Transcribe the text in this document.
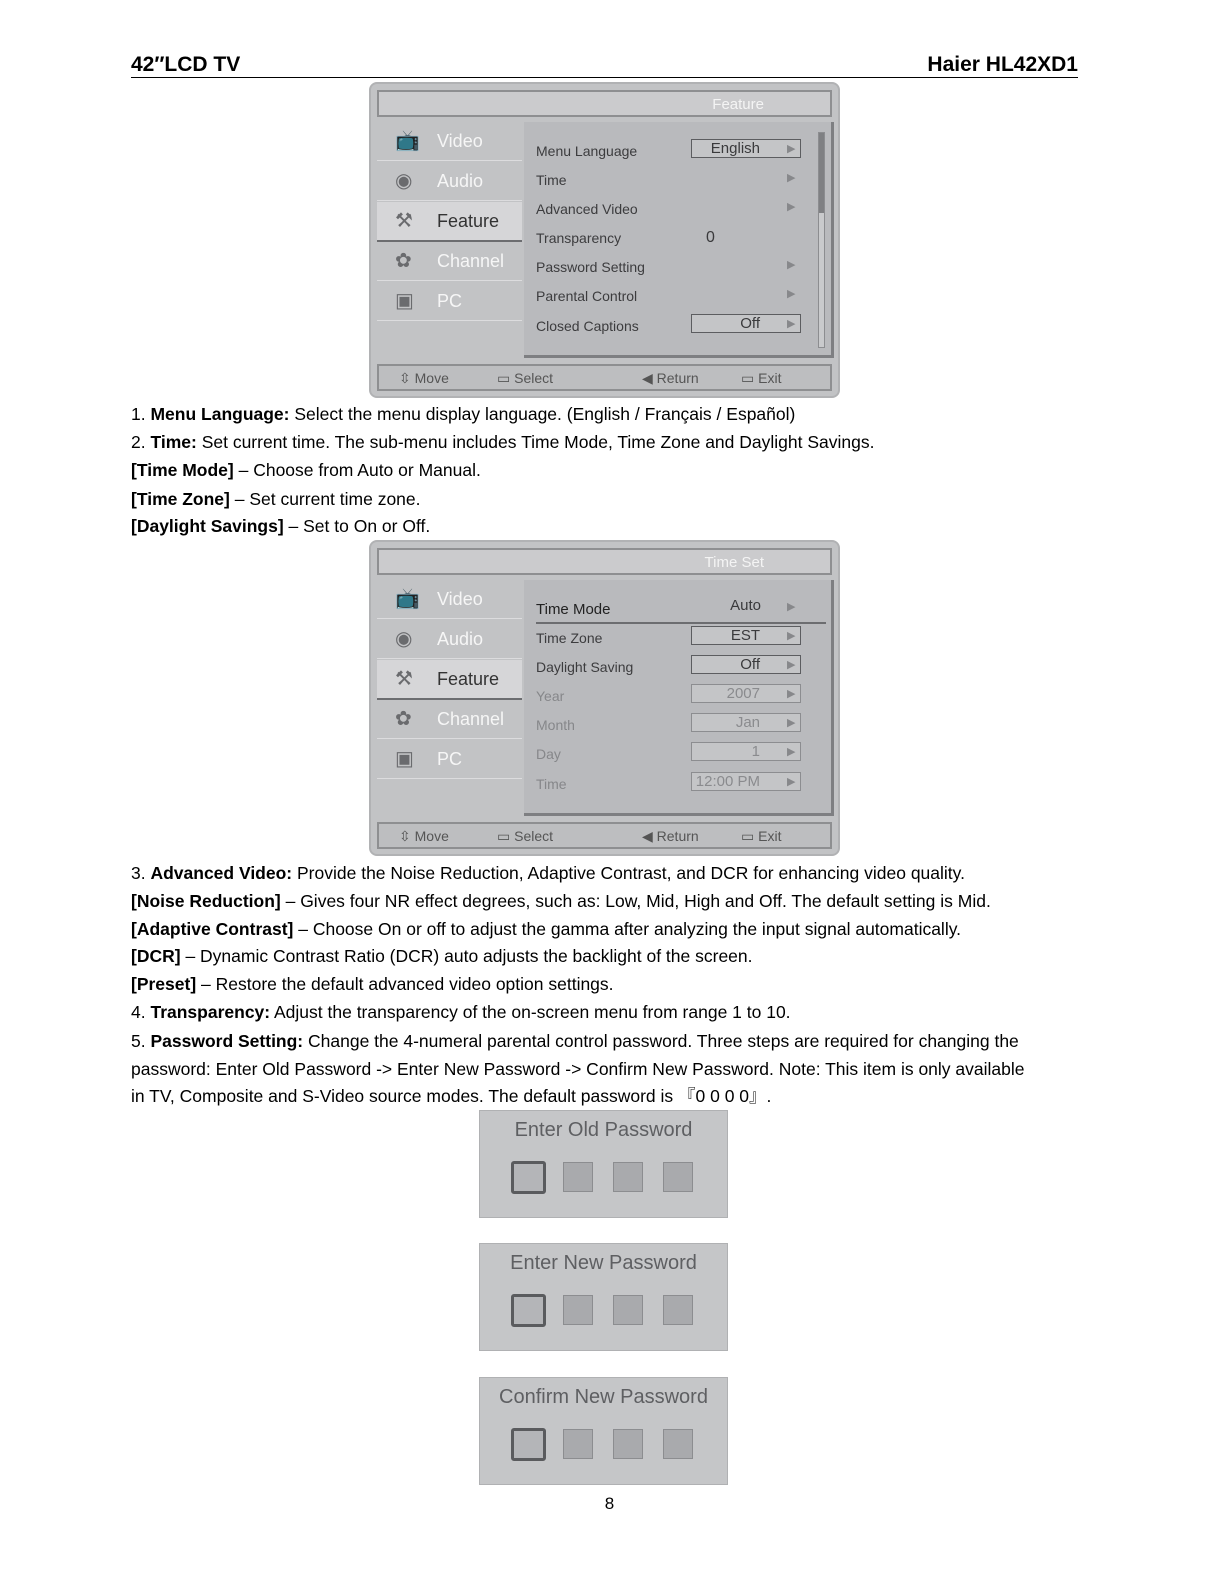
42″LCD TV	Haier HL42XD1
Feature
📺 Video
◉ Audio
⚒ Feature
✿ Channel
▣ PC
Menu Language	English	▶
Time	▶
Advanced Video	▶
Transparency	0
Password Setting	▶
Parental Control	▶
Closed Captions	Off	▶
⇳ Move	▭ Select	◀ Return	▭ Exit
1. Menu Language: Select the menu display language. (English / Français / Español)
2. Time: Set current time. The sub-menu includes Time Mode, Time Zone and Daylight Savings.
[Time Mode] – Choose from Auto or Manual.
[Time Zone] – Set current time zone.
[Daylight Savings] – Set to On or Off.
Time Set
📺 Video
◉ Audio
⚒ Feature
✿ Channel
▣ PC
Time Mode	Auto	▶
Time Zone	EST	▶
Daylight Saving	Off	▶
Year	2007	▶
Month	Jan	▶
Day	1	▶
Time	12:00 PM	▶
⇳ Move	▭ Select	◀ Return	▭ Exit
3. Advanced Video: Provide the Noise Reduction, Adaptive Contrast, and DCR for enhancing video quality.
[Noise Reduction] – Gives four NR effect degrees, such as: Low, Mid, High and Off. The default setting is Mid.
[Adaptive Contrast] – Choose On or off to adjust the gamma after analyzing the input signal automatically.
[DCR] – Dynamic Contrast Ratio (DCR) auto adjusts the backlight of the screen.
[Preset] – Restore the default advanced video option settings.
4. Transparency: Adjust the transparency of the on-screen menu from range 1 to 10.
5. Password Setting: Change the 4-numeral parental control password. Three steps are required for changing the
password: Enter Old Password -> Enter New Password -> Confirm New Password. Note: This item is only available
in TV, Composite and S-Video source modes. The default password is 『0 0 0 0』.
Enter Old Password
Enter New Password
Confirm New Password
8
